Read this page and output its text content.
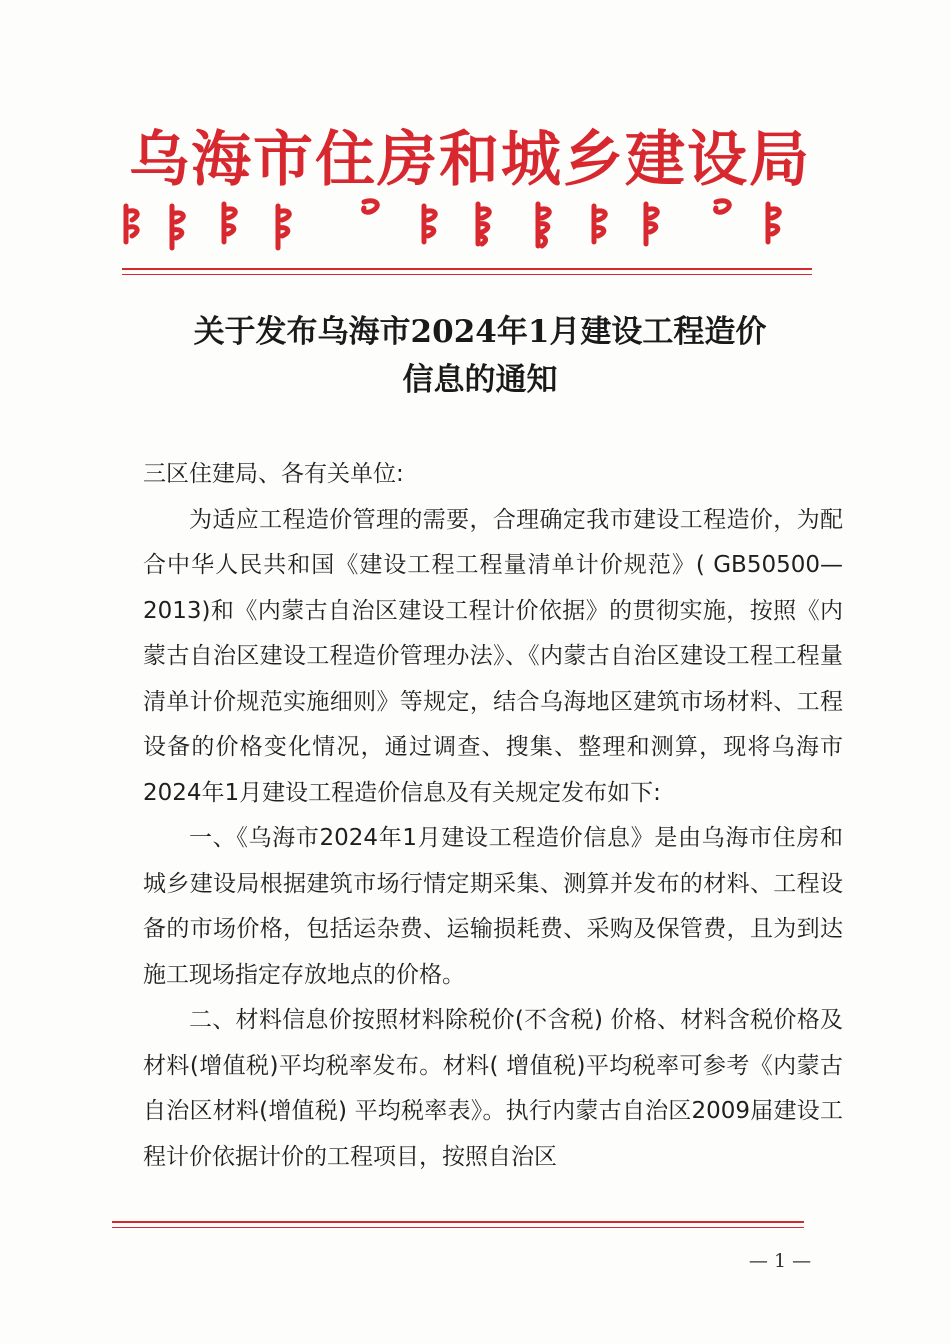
乌海市住房和城乡建设局
关于发布乌海市2024年1月建设工程造价
信息的通知

三区住建局、各有关单位:

为适应工程造价管理的需要，合理确定我市建设工程造价，为配合中华人民共和国《建设工程工程量清单计价规范》( GB50500—2013)和《内蒙古自治区建设工程计价依据》的贯彻实施，按照《内蒙古自治区建设工程造价管理办法》、《内蒙古自治区建设工程工程量清单计价规范实施细则》等规定，结合乌海地区建筑市场材料、工程设备的价格变化情况，通过调查、搜集、整理和测算，现将乌海市2024年1月建设工程造价信息及有关规定发布如下:

一、《乌海市2024年1月建设工程造价信息》是由乌海市住房和城乡建设局根据建筑市场行情定期采集、测算并发布的材料、工程设备的市场价格，包括运杂费、运输损耗费、采购及保管费，且为到达施工现场指定存放地点的价格。

二、材料信息价按照材料除税价(不含税) 价格、材料含税价格及材料(增值税)平均税率发布。材料( 增值税)平均税率可参考《内蒙古自治区材料(增值税) 平均税率表》。执行内蒙古自治区2009届建设工程计价依据计价的工程项目，按照自治区

— 1 —
